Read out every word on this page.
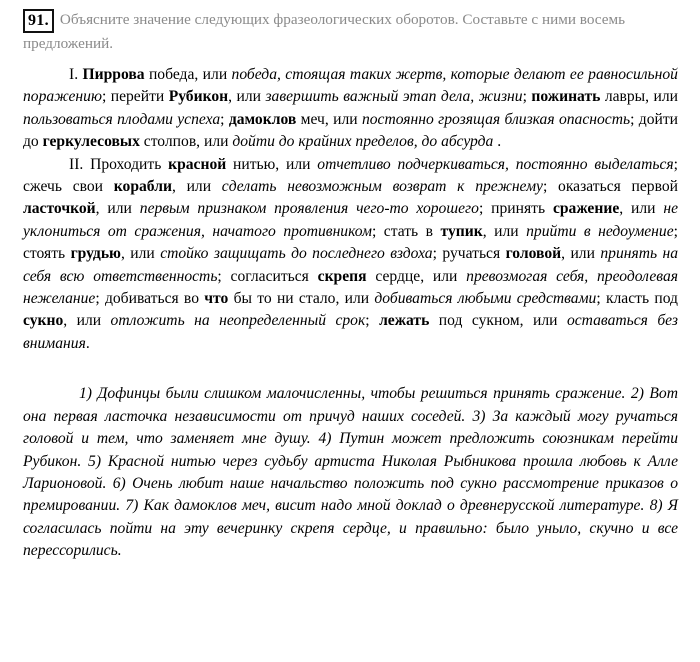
91. Объясните значение следующих фразеологических оборотов. Составьте с ними восемь предложений.

I. Пиррова победа, или победа, стоящая таких жертв, которые делают ее равносильной поражению; перейти Рубикон, или завершить важный этап дела, жизни; пожинать лавры, или пользоваться плодами успеха; дамоклов меч, или постоянно грозящая близкая опасность; дойти до геркулесовых столпов, или дойти до крайних пределов, до абсурда .

II. Проходить красной нитью, или отчетливо подчеркиваться, постоянно выделаться; сжечь свои корабли, или сделать невозможным возврат к прежнему; оказаться первой ласточкой, или первым признаком проявления чего-то хорошего; принять сражение, или не уклониться от сражения, начатого противником; стать в тупик, или прийти в недоумение; стоять грудью, или стойко защищать до последнего вздоха; ручаться головой, или принять на себя всю ответственность; согласиться скрепя сердце, или превозмогая себя, преодолевая нежелание; добиваться во что бы то ни стало, или добиваться любыми средствами; класть под сукно, или отложить на неопределенный срок; лежать под сукном, или оставаться без внимания.

1) Дофинцы были слишком малочисленны, чтобы решиться принять сражение. 2) Вот она первая ласточка независимости от причуд наших соседей. 3) За каждый могу ручаться головой и тем, что заменяет мне душу. 4) Путин может предложить союзникам перейти Рубикон. 5) Красной нитью через судьбу артиста Николая Рыбникова прошла любовь к Алле Ларионовой. 6) Очень любит наше начальство положить под сукно рассмотрение приказов о премировании. 7) Как дамоклов меч, висит надо мной доклад о древнерусской литературе. 8) Я согласилась пойти на эту вечеринку скрепя сердце, и правильно: было уныло, скучно и все перессорились.
